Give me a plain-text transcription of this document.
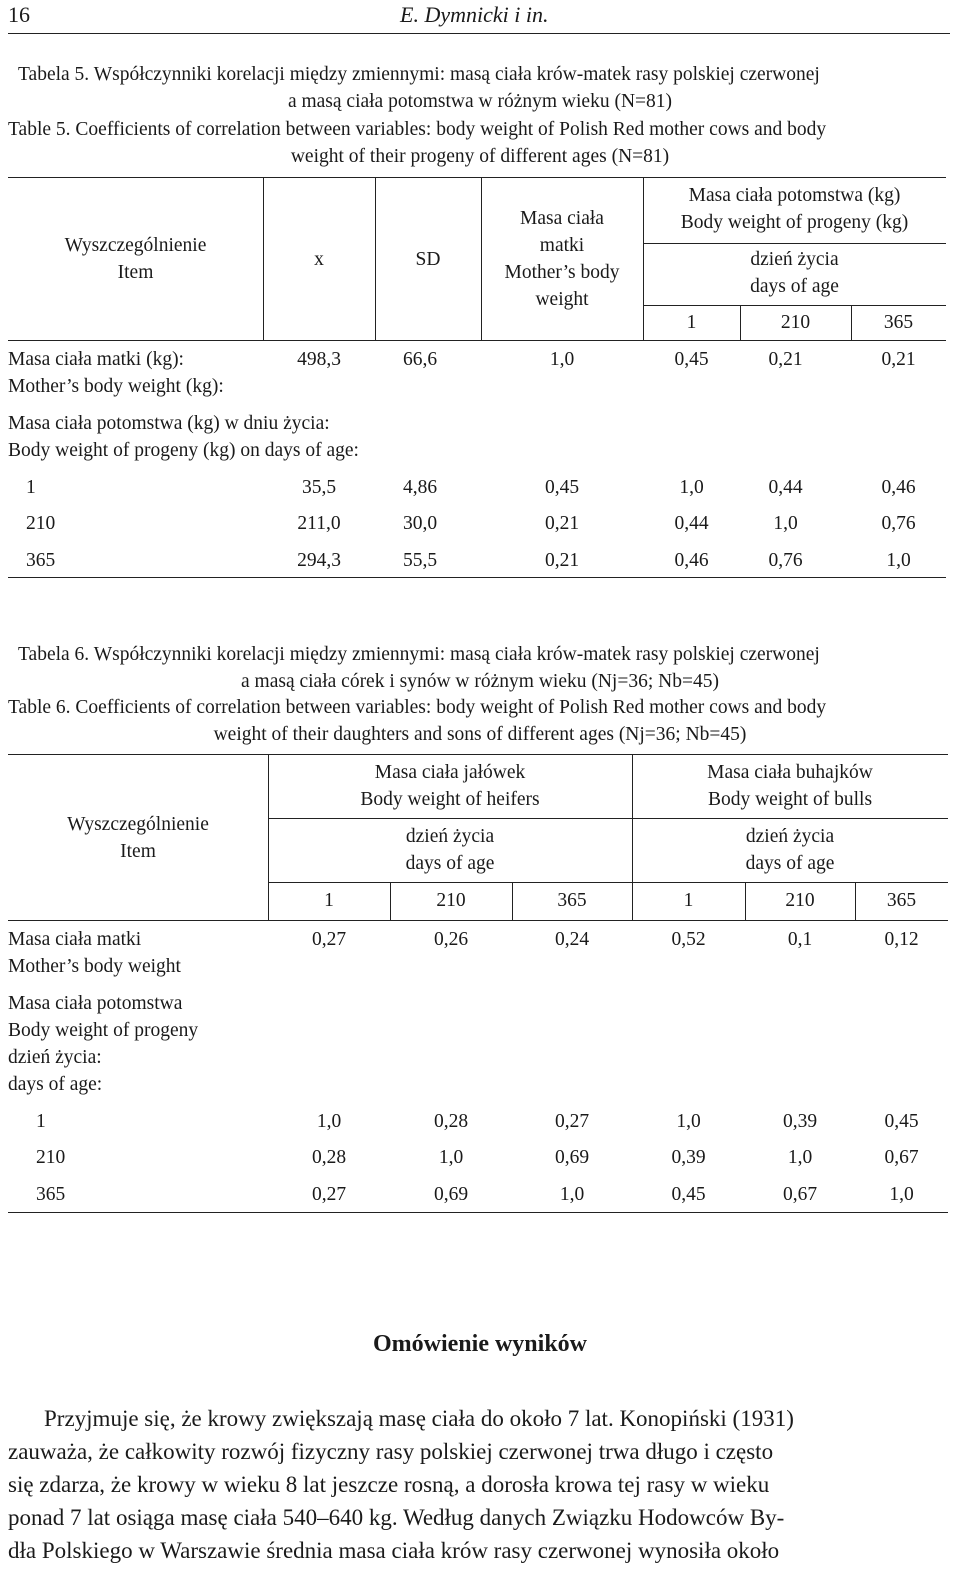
16	E. Dymnicki i in.
Tabela 5. Współczynniki korelacji między zmiennymi: masą ciała krów-matek rasy polskiej czerwonej
a masą ciała potomstwa w różnym wieku (N=81)
Table 5. Coefficients of correlation between variables: body weight of Polish Red mother cows and body
weight of their progeny of different ages (N=81)
Wyszczególnienie
Item
x	SD
Masa ciała
matki
Mother’s body
weight
Masa ciała potomstwa (kg)
Body weight of progeny (kg)
dzień życia
days of age
1	210	365
Masa ciała matki (kg):
Mother’s body weight (kg):
498,3	66,6	1,0	0,45	0,21	0,21
Masa ciała potomstwa (kg) w dniu życia:
Body weight of progeny (kg) on days of age:
1	35,5	4,86	0,45	1,0	0,44	0,46
210	211,0	30,0	0,21	0,44	1,0	0,76
365	294,3	55,5	0,21	0,46	0,76	1,0
Tabela 6. Współczynniki korelacji między zmiennymi: masą ciała krów-matek rasy polskiej czerwonej
a masą ciała córek i synów w różnym wieku (Nj=36; Nb=45)
Table 6. Coefficients of correlation between variables: body weight of Polish Red mother cows and body
weight of their daughters and sons of different ages (Nj=36; Nb=45)
Wyszczególnienie
Item
Masa ciała jałówek
Body weight of heifers
Masa ciała buhajków
Body weight of bulls
dzień życia
days of age
dzień życia
days of age
1	210	365	1	210	365
Masa ciała matki
Mother’s body weight
0,27	0,26	0,24	0,52	0,1	0,12
Masa ciała potomstwa
Body weight of progeny
dzień życia:
days of age:
1	1,0	0,28	0,27	1,0	0,39	0,45
210	0,28	1,0	0,69	0,39	1,0	0,67
365	0,27	0,69	1,0	0,45	0,67	1,0
Omówienie wyników
Przyjmuje się, że krowy zwiększają masę ciała do około 7 lat. Konopiński (1931)
zauważa, że całkowity rozwój fizyczny rasy polskiej czerwonej trwa długo i często
się zdarza, że krowy w wieku 8 lat jeszcze rosną, a dorosła krowa tej rasy w wieku
ponad 7 lat osiąga masę ciała 540–640 kg. Według danych Związku Hodowców By-
dła Polskiego w Warszawie średnia masa ciała krów rasy czerwonej wynosiła około
